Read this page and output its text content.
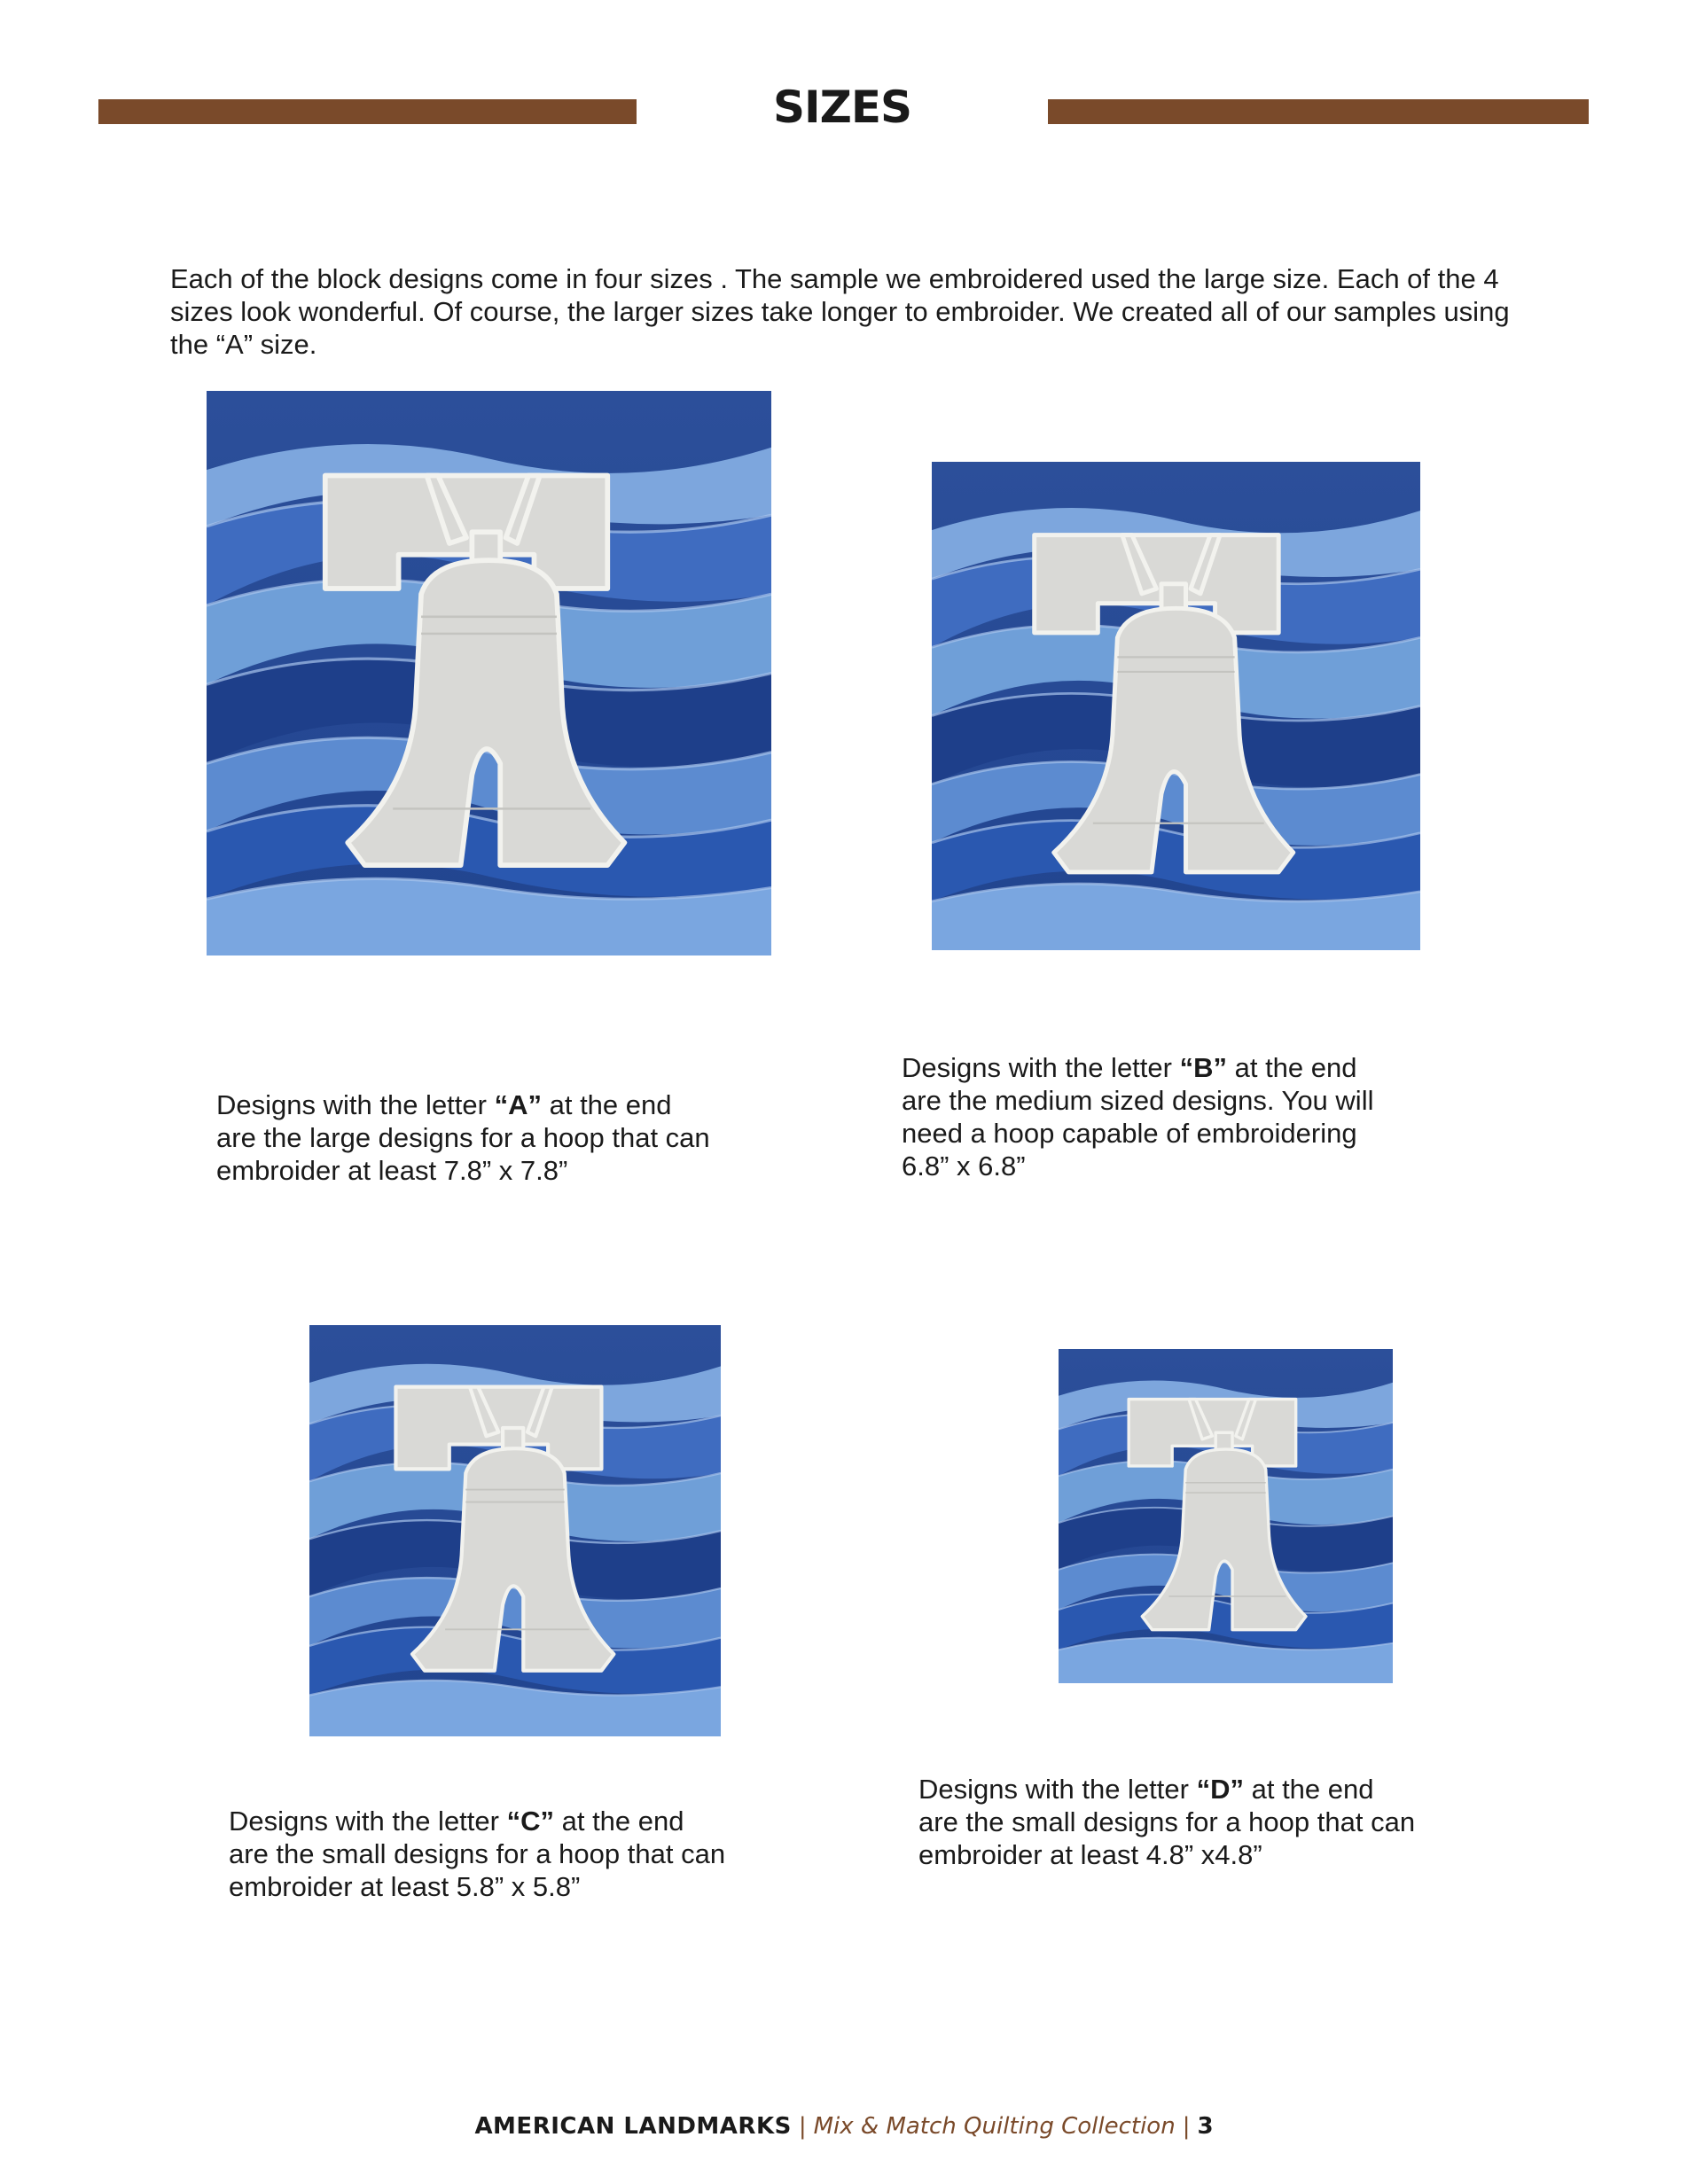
SIZES

Each of the block designs come in four sizes . The sample we embroidered used the large size. Each of the 4 sizes look wonderful. Of course, the larger sizes take longer to embroider. We created all of our samples using the “A” size.

Designs with the letter “A” at the end
are the large designs for a hoop that can
embroider at least 7.8” x 7.8”

Designs with the letter “B” at the end
are the medium sized designs. You will
need a hoop capable of embroidering
6.8” x 6.8”

Designs with the letter “C” at the end
are the small designs for a hoop that can
embroider at least 5.8” x 5.8”

Designs with the letter “D” at the end
are the small designs for a hoop that can
embroider at least 4.8” x4.8”

AMERICAN LANDMARKS | Mix & Match Quilting Collection | 3
